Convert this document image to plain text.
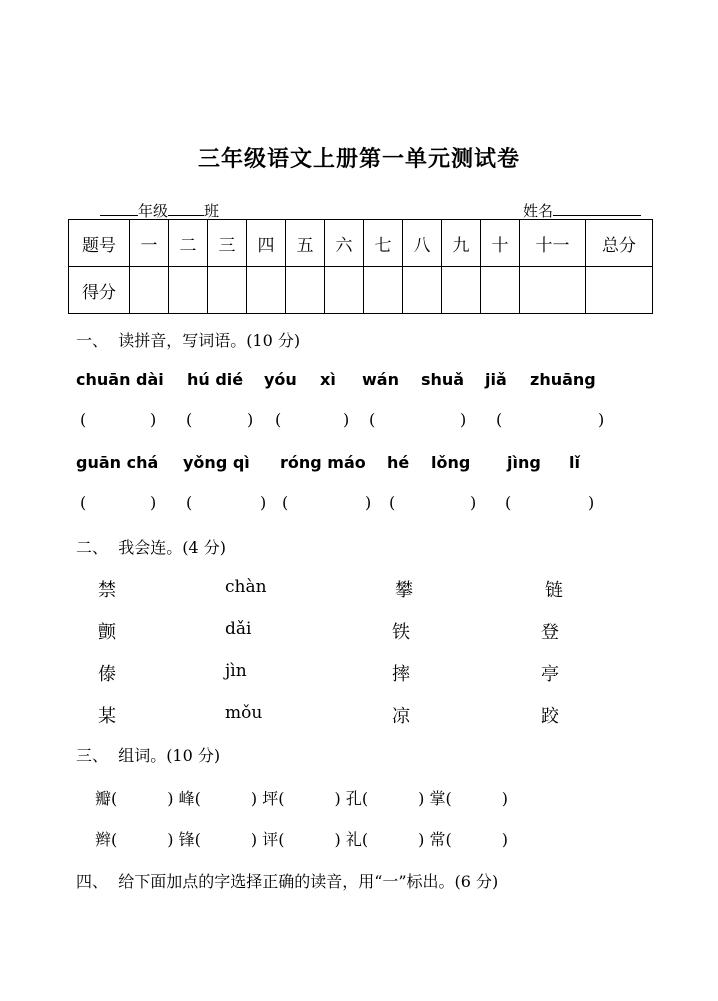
三年级语文上册第一单元测试卷
年级 班	姓名
题号	一	二	三	四	五	六	七	八	九	十	十一	总分
得分												
一、 读拼音，写词语。(10 分)
chuān dài hú dié yóu xì wán shuǎ jiǎ zhuāng
(	) (	) (	) (	) (	)
guān chá yǒng qì róng máo hé lǒng jìng lǐ
(	) (	) (	) (	) (	)
二、 我会连。(4 分)
禁	chàn	攀	链
颤	dǎi	铁	登
傣	jìn	摔	亭
某	mǒu	凉	跤
三、 组词。(10 分)
瓣(	) 峰(	) 坪(	) 孔(	) 掌(	)
辫(	) 锋(	) 评(	) 礼(	) 常(	)
四、 给下面加点的字选择正确的读音，用“一”标出。(6 分)
